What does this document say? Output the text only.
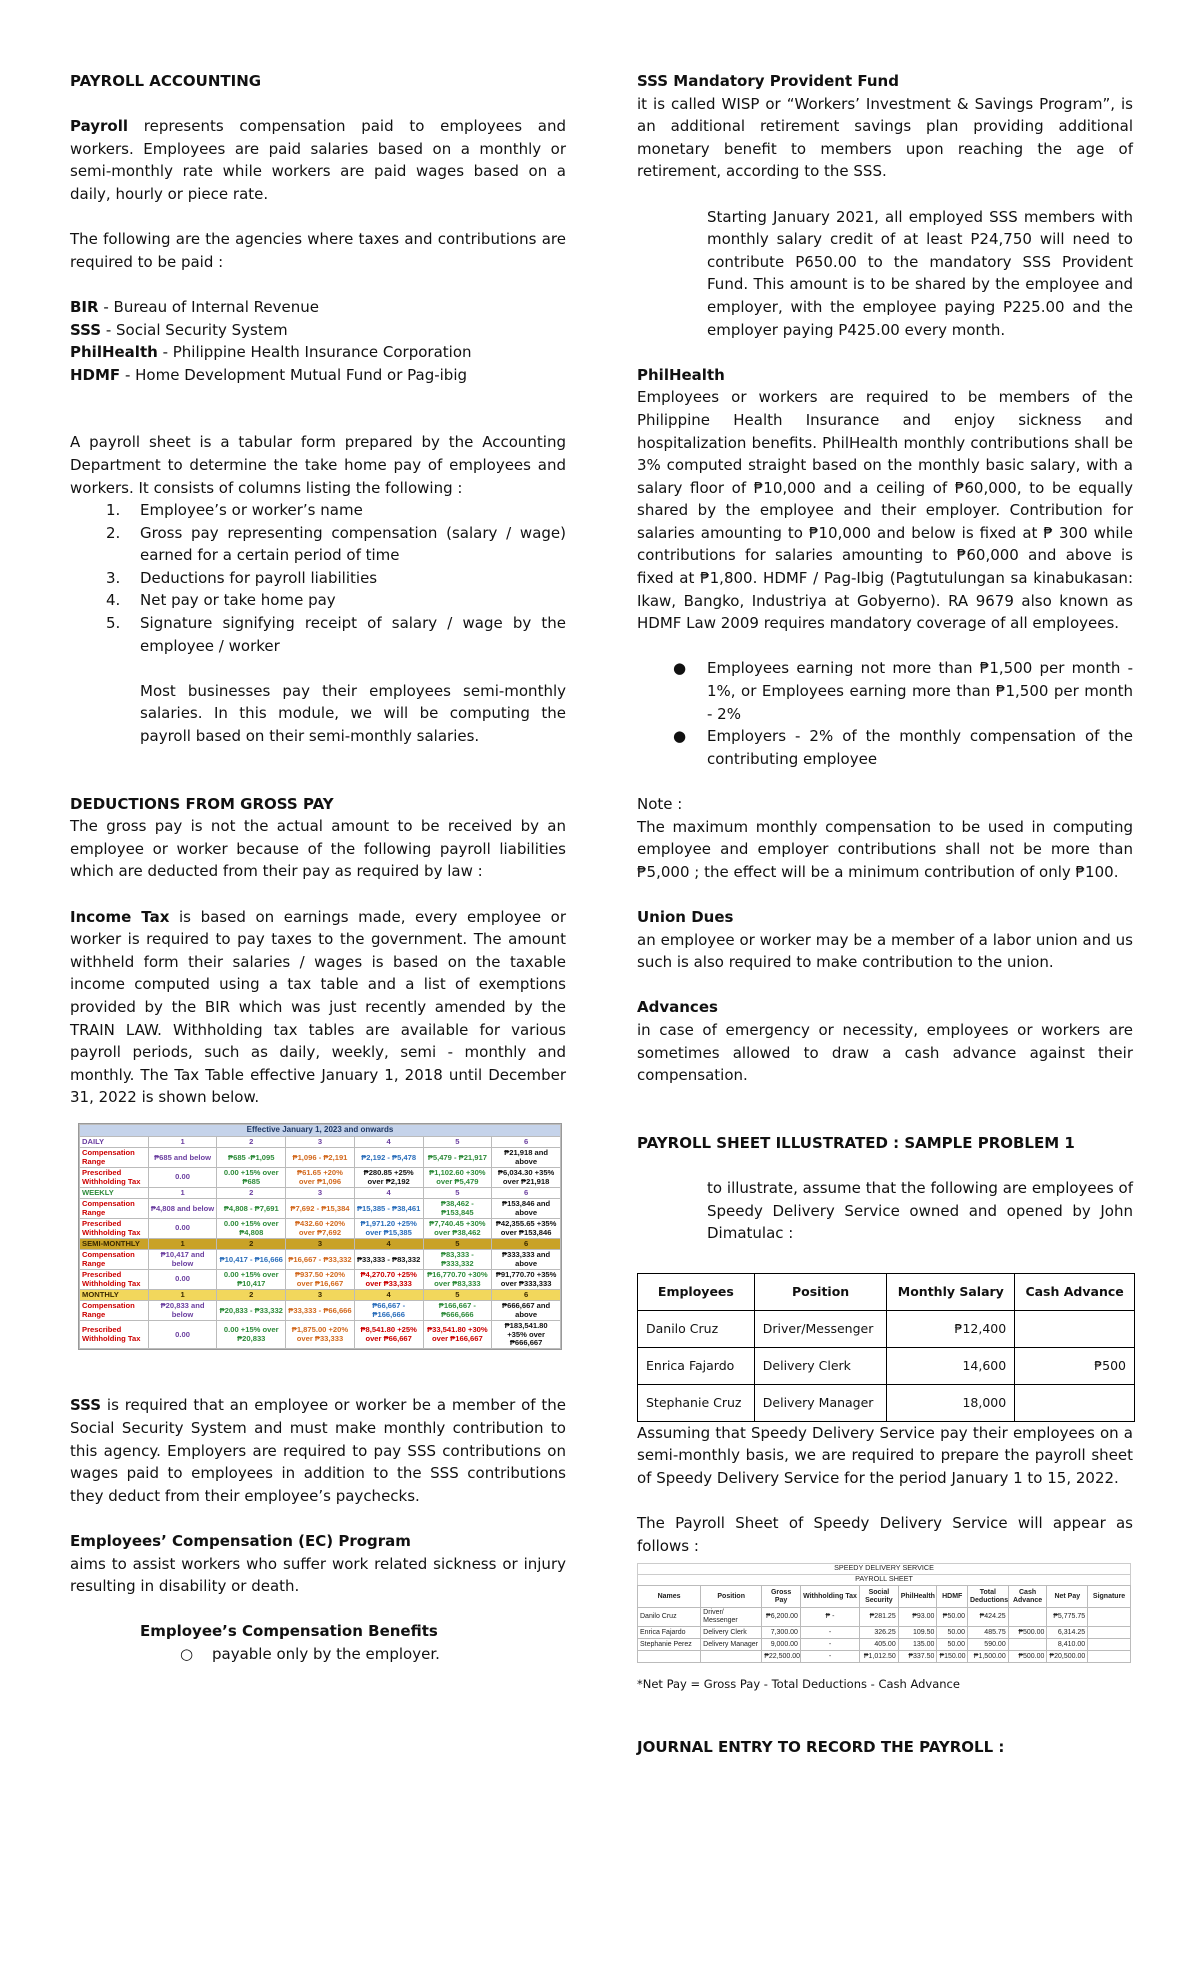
PAYROLL ACCOUNTING

Payroll represents compensation paid to employees and workers. Employees are paid salaries based on a monthly or semi-monthly rate while workers are paid wages based on a daily, hourly or piece rate.

The following are the agencies where taxes and contributions are required to be paid :

BIR - Bureau of Internal Revenue
SSS - Social Security System
PhilHealth - Philippine Health Insurance Corporation
HDMF - Home Development Mutual Fund or Pag-ibig

A payroll sheet is a tabular form prepared by the Accounting Department to determine the take home pay of employees and workers. It consists of columns listing the following :

1.	Employee’s or worker’s name
2.	Gross pay representing compensation (salary / wage) earned for a certain period of time
3.	Deductions for payroll liabilities
4.	Net pay or take home pay
5.	Signature signifying receipt of salary / wage by the employee / worker

Most businesses pay their employees semi-monthly salaries. In this module, we will be computing the payroll based on their semi-monthly salaries.

DEDUCTIONS FROM GROSS PAY

The gross pay is not the actual amount to be received by an employee or worker because of the following payroll liabilities which are deducted from their pay as required by law :

Income Tax is based on earnings made, every employee or worker is required to pay taxes to the government. The amount withheld form their salaries / wages is based on the taxable income computed using a tax table and a list of exemptions provided by the BIR which was just recently amended by the TRAIN LAW. Withholding tax tables are available for various payroll periods, such as daily, weekly, semi - monthly and monthly. The Tax Table effective January 1, 2018 until December 31, 2022 is shown below.

Effective January 1, 2023 and onwards						
DAILY	1	2	3	4	5	6
Compensation Range	₱685 and below	₱685 -₱1,095	₱1,096 - ₱2,191	₱2,192 - ₱5,478	₱5,479 - ₱21,917	₱21,918 and above
Prescribed Withholding Tax	0.00	0.00 +15% over ₱685	₱61.65 +20% over ₱1,096	₱280.85 +25% over ₱2,192	₱1,102.60 +30% over ₱5,479	₱6,034.30 +35% over ₱21,918
WEEKLY	1	2	3	4	5	6
Compensation Range	₱4,808 and below	₱4,808 - ₱7,691	₱7,692 - ₱15,384	₱15,385 - ₱38,461	₱38,462 - ₱153,845	₱153,846 and above
Prescribed Withholding Tax	0.00	0.00 +15% over ₱4,808	₱432.60 +20% over ₱7,692	₱1,971.20 +25% over ₱15,385	₱7,740.45 +30% over ₱38,462	₱42,355.65 +35% over ₱153,846
SEMI-MONTHLY	1	2	3	4	5	6
Compensation Range	₱10,417 and below	₱10,417 - ₱16,666	₱16,667 - ₱33,332	₱33,333 - ₱83,332	₱83,333 - ₱333,332	₱333,333 and above
Prescribed Withholding Tax	0.00	0.00 +15% over ₱10,417	₱937.50 +20% over ₱16,667	₱4,270.70 +25% over ₱33,333	₱16,770.70 +30% over ₱83,333	₱91,770.70 +35% over ₱333,333
MONTHLY	1	2	3	4	5	6
Compensation Range	₱20,833 and below	₱20,833 - ₱33,332	₱33,333 - ₱66,666	₱66,667 - ₱166,666	₱166,667 - ₱666,666	₱666,667 and above
Prescribed Withholding Tax	0.00	0.00 +15% over ₱20,833	₱1,875.00 +20% over ₱33,333	₱8,541.80 +25% over ₱66,667	₱33,541.80 +30% over ₱166,667	₱183,541.80 +35% over ₱666,667

SSS is required that an employee or worker be a member of the Social Security System and must make monthly contribution to this agency. Employers are required to pay SSS contributions on wages paid to employees in addition to the SSS contributions they deduct from their employee’s paychecks.

Employees’ Compensation (EC) Program

aims to assist workers who suffer work related sickness or injury resulting in disability or death.

Employee’s Compensation Benefits
○ payable only by the employer.
SSS Mandatory Provident Fund

it is called WISP or “Workers’ Investment & Savings Program”, is an additional retirement savings plan providing additional monetary benefit to members upon reaching the age of retirement, according to the SSS.

Starting January 2021, all employed SSS members with monthly salary credit of at least P24,750 will need to contribute P650.00 to the mandatory SSS Provident Fund. This amount is to be shared by the employee and employer, with the employee paying P225.00 and the employer paying P425.00 every month.

PhilHealth

Employees or workers are required to be members of the Philippine Health Insurance and enjoy sickness and hospitalization benefits. PhilHealth monthly contributions shall be 3% computed straight based on the monthly basic salary, with a salary floor of ₱10,000 and a ceiling of ₱60,000, to be equally shared by the employee and their employer. Contribution for salaries amounting to ₱10,000 and below is fixed at ₱ 300 while contributions for salaries amounting to ₱60,000 and above is fixed at ₱1,800. HDMF / Pag-Ibig (Pagtutulungan sa kinabukasan: Ikaw, Bangko, Industriya at Gobyerno). RA 9679 also known as HDMF Law 2009 requires mandatory coverage of all employees.

●	Employees earning not more than ₱1,500 per month - 1%, or Employees earning more than ₱1,500 per month - 2%
●	Employers - 2% of the monthly compensation of the contributing employee
Note :

The maximum monthly compensation to be used in computing employee and employer contributions shall not be more than ₱5,000 ; the effect will be a minimum contribution of only ₱100.

Union Dues

an employee or worker may be a member of a labor union and us such is also required to make contribution to the union.

Advances

in case of emergency or necessity, employees or workers are sometimes allowed to draw a cash advance against their compensation.

PAYROLL SHEET ILLUSTRATED : SAMPLE PROBLEM 1

to illustrate, assume that the following are employees of Speedy Delivery Service owned and opened by John Dimatulac :

Employees	Position	Monthly Salary	Cash Advance
Danilo Cruz	Driver/Messenger	₱12,400	
Enrica Fajardo	Delivery Clerk	14,600	₱500
Stephanie Cruz	Delivery Manager	18,000	

Assuming that Speedy Delivery Service pay their employees on a semi-monthly basis, we are required to prepare the payroll sheet of Speedy Delivery Service for the period January 1 to 15, 2022.

The Payroll Sheet of Speedy Delivery Service will appear as follows :

SPEEDY DELIVERY SERVICE
PAYROLL SHEET
Names	Position	Gross Pay	Withholding Tax	Social Security	PhilHealth	HDMF	Total Deductions	Cash Advance	Net Pay	Signature
Danilo Cruz	Driver/ Messenger	₱6,200.00	₱ -	₱281.25	₱93.00	₱50.00	₱424.25		₱5,775.75	
Enrica Fajardo	Delivery Clerk	7,300.00	-	326.25	109.50	50.00	485.75	₱500.00	6,314.25	
Stephanie Perez	Delivery Manager	9,000.00	-	405.00	135.00	50.00	590.00		8,410.00	
		₱22,500.00	-	₱1,012.50	₱337.50	₱150.00	₱1,500.00	₱500.00	₱20,500.00	
*Net Pay = Gross Pay - Total Deductions - Cash Advance
JOURNAL ENTRY TO RECORD THE PAYROLL :
